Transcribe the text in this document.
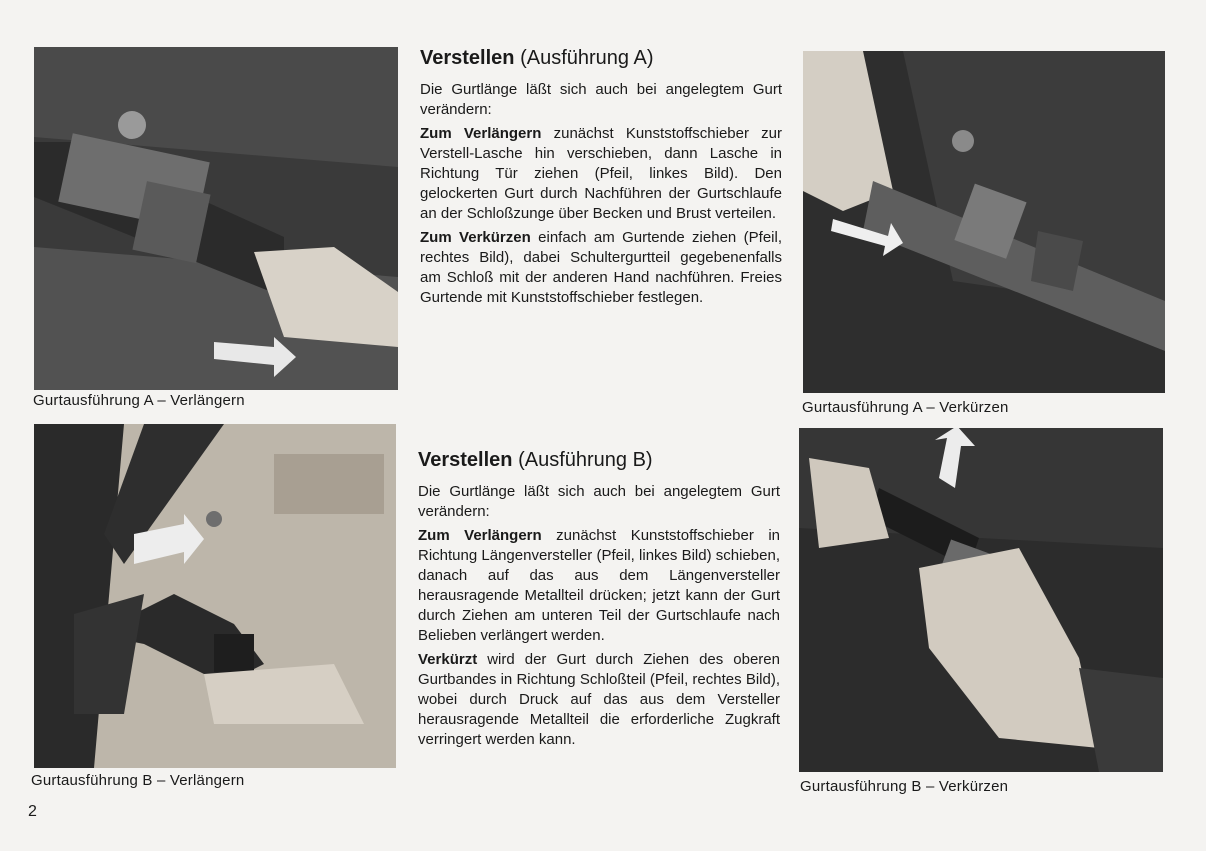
Gurtausführung A – Verlängern
Verstellen (Ausführung A)

Die Gurtlänge läßt sich auch bei angelegtem Gurt verändern:

Zum Verlängern zunächst Kunststoffschieber zur Verstell-Lasche hin verschieben, dann Lasche in Richtung Tür ziehen (Pfeil, linkes Bild). Den gelockerten Gurt durch Nachführen der Gurtschlaufe an der Schloßzunge über Becken und Brust verteilen.

Zum Verkürzen einfach am Gurtende ziehen (Pfeil, rechtes Bild), dabei Schultergurtteil gegebenenfalls am Schloß mit der anderen Hand nachführen. Freies Gurtende mit Kunststoffschieber festlegen.

Gurtausführung A – Verkürzen
Gurtausführung B – Verlängern
Verstellen (Ausführung B)

Die Gurtlänge läßt sich auch bei angelegtem Gurt verändern:

Zum Verlängern zunächst Kunststoffschieber in Richtung Längenversteller (Pfeil, linkes Bild) schieben, danach auf das aus dem Längenversteller herausragende Metallteil drücken; jetzt kann der Gurt durch Ziehen am unteren Teil der Gurtschlaufe nach Belieben verlängert werden.

Verkürzt wird der Gurt durch Ziehen des oberen Gurtbandes in Richtung Schloßteil (Pfeil, rechtes Bild), wobei durch Druck auf das aus dem Versteller herausragende Metallteil die erforderliche Zugkraft verringert werden kann.

Gurtausführung B – Verkürzen
2
